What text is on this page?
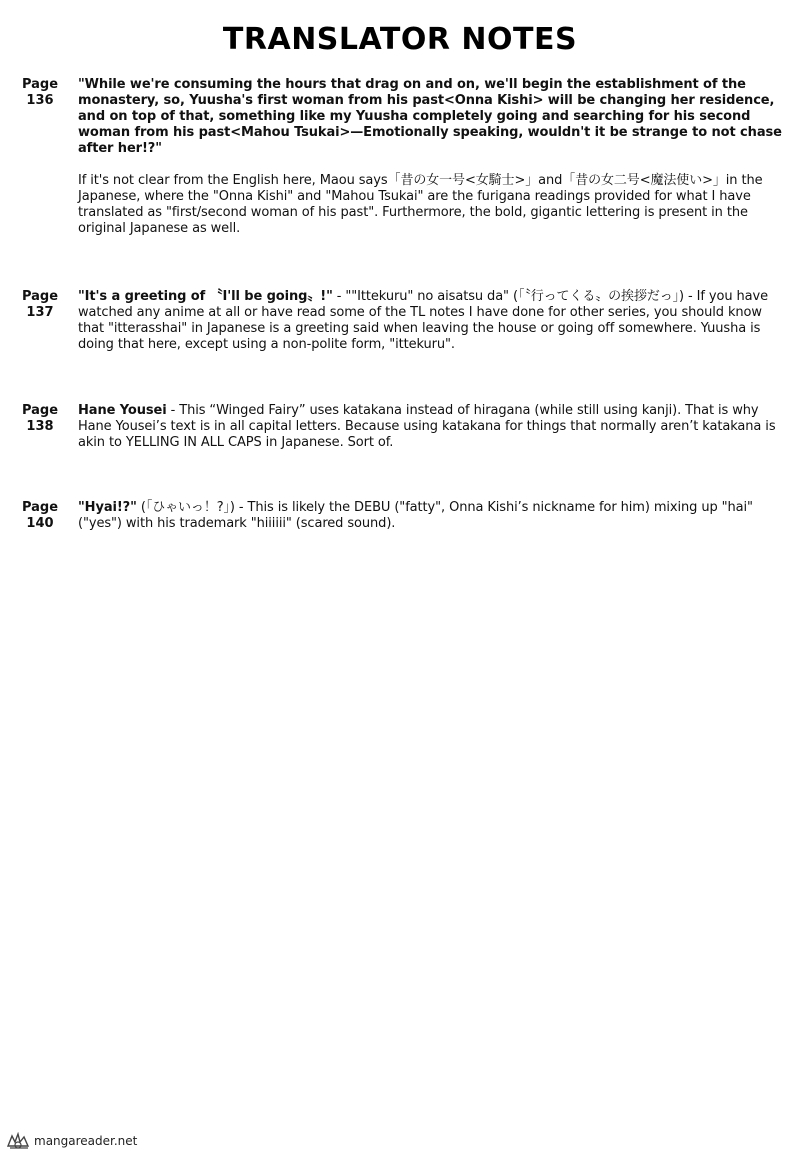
TRANSLATOR NOTES
Page
136

"While we're consuming the hours that drag on and on, we'll begin the establishment of the monastery, so, Yuusha's first woman from his past<Onna Kishi> will be changing her residence, and on top of that, something like my Yuusha completely going and searching for his second woman from his past<Mahou Tsukai>—Emotionally speaking, wouldn't it be strange to not chase after her!?"

If it's not clear from the English here, Maou says「昔の女一号<女騎士>」and「昔の女二号<魔法使い>」in the Japanese, where the "Onna Kishi" and "Mahou Tsukai" are the furigana readings provided for what I have translated as "first/second woman of his past". Furthermore, the bold, gigantic lettering is present in the original Japanese as well.

Page
137

"It's a greeting of 〝I'll be going〟!" - ""Ittekuru" no aisatsu da" (「〝行ってくる〟の挨拶だっ」) - If you have watched any anime at all or have read some of the TL notes I have done for other series, you should know that "itterasshai" in Japanese is a greeting said when leaving the house or going off somewhere. Yuusha is doing that here, except using a non-polite form, "ittekuru".

Page
138

Hane Yousei - This “Winged Fairy” uses katakana instead of hiragana (while still using kanji). That is why Hane Yousei’s text is in all capital letters. Because using katakana for things that normally aren’t katakana is akin to YELLING IN ALL CAPS in Japanese. Sort of.

Page
140

"Hyai!?" (「ひゃいっ！?」) - This is likely the DEBU ("fatty", Onna Kishi’s nickname for him) mixing up "hai" ("yes") with his trademark "hiiiiii" (scared sound).

mangareader.net
